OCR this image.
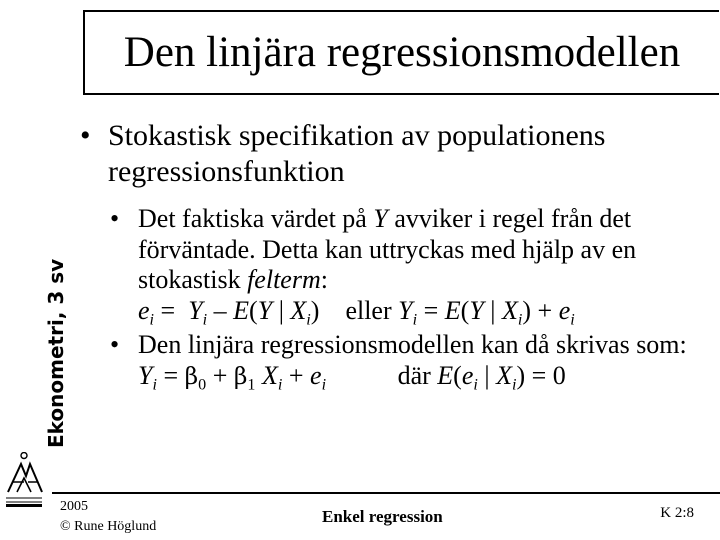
Den linjära regressionsmodellen
Ekonometri, 3 sv
• Stokastisk specifikation av populationens regressionsfunktion
• Det faktiska värdet på Y avviker i regel från det förväntade. Detta kan uttryckas med hjälp av en stokastisk felterm:
$e_i = Y_i - E(Y$ | $X_i$)    eller $Y_i = E(Y$ | $X_i) + e_i$
• Den linjära regressionsmodellen kan då skrivas som:
$Y_i = \beta_0 + \beta_1$ $X_i + e_i$           där $E(e_i$ | $X_i) = 0$
2005
© Rune Höglund
Enkel regression	K 2:8
